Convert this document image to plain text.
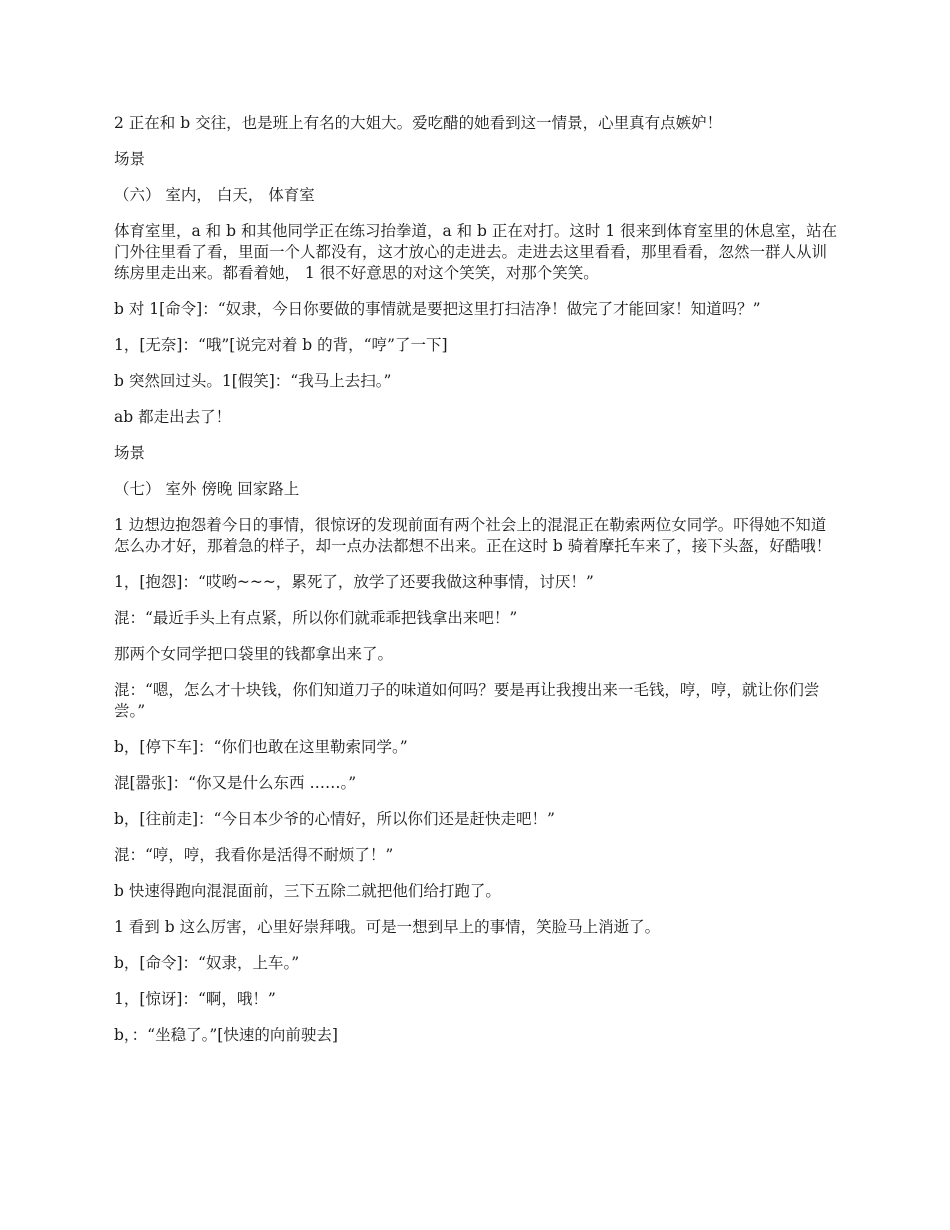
2 正在和 b 交往，也是班上有名的大姐大。爱吃醋的她看到这一情景，心里真有点嫉妒！

场景

（六） 室内， 白天， 体育室

体育室里，a 和 b 和其他同学正在练习抬拳道，a 和 b 正在对打。这时 1 很来到体育室里的休息室，站在门外往里看了看，里面一个人都没有，这才放心的走进去。走进去这里看看，那里看看，忽然一群人从训练房里走出来。都看着她， 1 很不好意思的对这个笑笑，对那个笑笑。

b 对 1[命令]：“奴隶，今日你要做的事情就是要把这里打扫洁净！做完了才能回家！知道吗？”

1，[无奈]：“哦”[说完对着 b 的背，“哼”了一下]

b 突然回过头。1[假笑]：“我马上去扫。”

ab 都走出去了！

场景

（七） 室外 傍晚 回家路上

1 边想边抱怨着今日的事情，很惊讶的发现前面有两个社会上的混混正在勒索两位女同学。吓得她不知道怎么办才好，那着急的样子，却一点办法都想不出来。正在这时 b 骑着摩托车来了，接下头盔，好酷哦！

1，[抱怨]：“哎哟~~~，累死了，放学了还要我做这种事情，讨厌！”

混：“最近手头上有点紧，所以你们就乖乖把钱拿出来吧！”

那两个女同学把口袋里的钱都拿出来了。

混：“嗯，怎么才十块钱，你们知道刀子的味道如何吗？要是再让我搜出来一毛钱，哼，哼，就让你们尝尝。”

b，[停下车]：“你们也敢在这里勒索同学。”

混[嚣张]：“你又是什么东西 ……。”

b，[往前走]：“今日本少爷的心情好，所以你们还是赶快走吧！”

混：“哼，哼，我看你是活得不耐烦了！”

b 快速得跑向混混面前，三下五除二就把他们给打跑了。

1 看到 b 这么厉害，心里好崇拜哦。可是一想到早上的事情，笑脸马上消逝了。

b，[命令]：“奴隶，上车。”

1，[惊讶]：“啊，哦！”

b，：“坐稳了。”[快速的向前驶去]
